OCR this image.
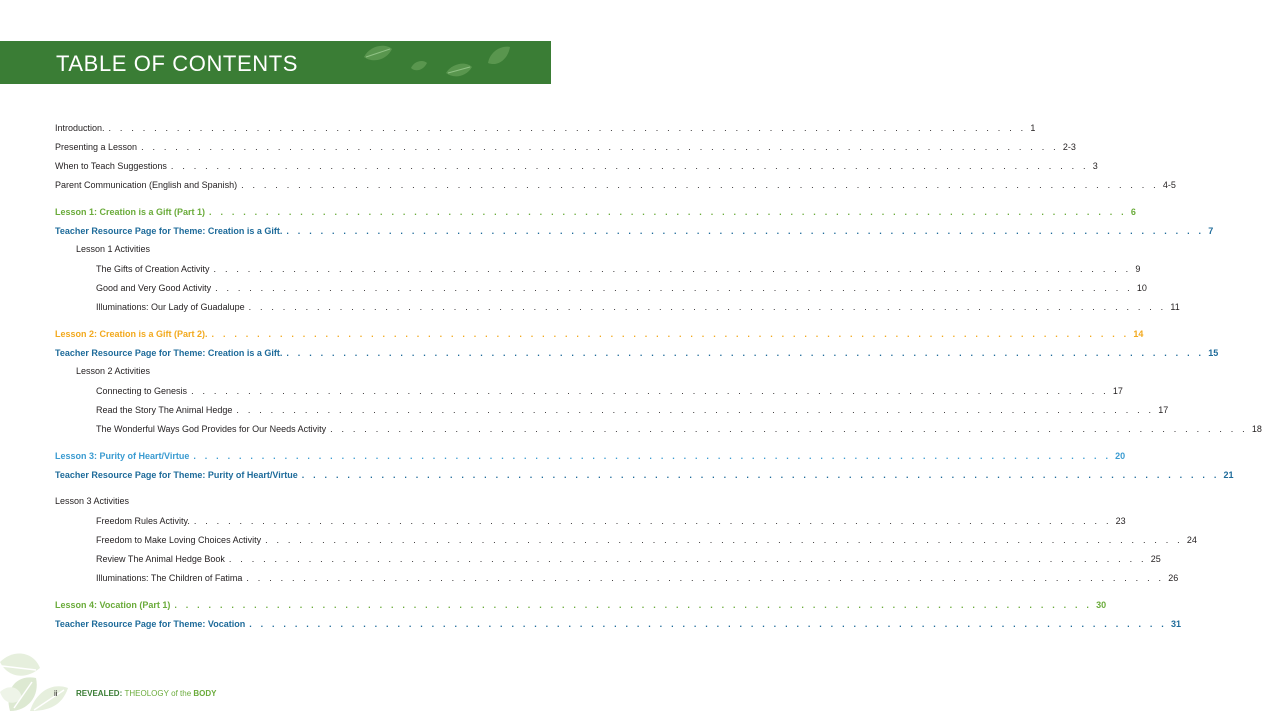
TABLE OF CONTENTS
Introduction. . . . . . . . . . . . . . . . . . . . . . . . . . . . . . . . . . . . . . . . . . . . . . . . . . . . . . . . . . . . . . . . . . . . . . . . . . . . . . . . . . 1
Presenting a Lesson . . . . . . . . . . . . . . . . . . . . . . . . . . . . . . . . . . . . . . . . . . . . . . . . . . . . . . . . . . . . . . . . . . . . . . . . . . . . . . . . . 2-3
When to Teach Suggestions . . . . . . . . . . . . . . . . . . . . . . . . . . . . . . . . . . . . . . . . . . . . . . . . . . . . . . . . . . . . . . . . . . . . . . . . . . . . . . . . . 3
Parent Communication (English and Spanish) . . . . . . . . . . . . . . . . . . . . . . . . . . . . . . . . . . . . . . . . . . . . . . . . . . . . . . . . . . . . . . . . . . . . . . . . . . . . . . . . . 4-5
Lesson 1: Creation is a Gift (Part 1) . . . . . . . . . . . . . . . . . . . . . . . . . . . . . . . . . . . . . . . . . . . . . . . . . . . . . . . . . . . . . . . . . . . . . . . . . . . . . . . . . 6
Teacher Resource Page for Theme: Creation is a Gift. . . . . . . . . . . . . . . . . . . . . . . . . . . . . . . . . . . . . . . . . . . . . . . . . . . . . . . . . . . . . . . . . . . . . . . . . . . . . . . . . . 7
Lesson 1 Activities
The Gifts of Creation Activity . . . . . . . . . . . . . . . . . . . . . . . . . . . . . . . . . . . . . . . . . . . . . . . . . . . . . . . . . . . . . . . . . . . . . . . . . . . . . . . . . 9
Good and Very Good Activity . . . . . . . . . . . . . . . . . . . . . . . . . . . . . . . . . . . . . . . . . . . . . . . . . . . . . . . . . . . . . . . . . . . . . . . . . . . . . . . . . 10
Illuminations: Our Lady of Guadalupe . . . . . . . . . . . . . . . . . . . . . . . . . . . . . . . . . . . . . . . . . . . . . . . . . . . . . . . . . . . . . . . . . . . . . . . . . . . . . . . . . 11
Lesson 2: Creation is a Gift (Part 2). . . . . . . . . . . . . . . . . . . . . . . . . . . . . . . . . . . . . . . . . . . . . . . . . . . . . . . . . . . . . . . . . . . . . . . . . . . . . . . . . . 14
Teacher Resource Page for Theme: Creation is a Gift. . . . . . . . . . . . . . . . . . . . . . . . . . . . . . . . . . . . . . . . . . . . . . . . . . . . . . . . . . . . . . . . . . . . . . . . . . . . . . . . . . 15
Lesson 2 Activities
Connecting to Genesis . . . . . . . . . . . . . . . . . . . . . . . . . . . . . . . . . . . . . . . . . . . . . . . . . . . . . . . . . . . . . . . . . . . . . . . . . . . . . . . . . 17
Read the Story The Animal Hedge . . . . . . . . . . . . . . . . . . . . . . . . . . . . . . . . . . . . . . . . . . . . . . . . . . . . . . . . . . . . . . . . . . . . . . . . . . . . . . . . . 17
The Wonderful Ways God Provides for Our Needs Activity . . . . . . . . . . . . . . . . . . . . . . . . . . . . . . . . . . . . . . . . . . . . . . . . . . . . . . . . . . . . . . . . . . . . . . . . . . . . . . . . . 18
Lesson 3: Purity of Heart/Virtue . . . . . . . . . . . . . . . . . . . . . . . . . . . . . . . . . . . . . . . . . . . . . . . . . . . . . . . . . . . . . . . . . . . . . . . . . . . . . . . . . 20
Teacher Resource Page for Theme: Purity of Heart/Virtue . . . . . . . . . . . . . . . . . . . . . . . . . . . . . . . . . . . . . . . . . . . . . . . . . . . . . . . . . . . . . . . . . . . . . . . . . . . . . . . . . 21
Lesson 3 Activities
Freedom Rules Activity. . . . . . . . . . . . . . . . . . . . . . . . . . . . . . . . . . . . . . . . . . . . . . . . . . . . . . . . . . . . . . . . . . . . . . . . . . . . . . . . . . 23
Freedom to Make Loving Choices Activity . . . . . . . . . . . . . . . . . . . . . . . . . . . . . . . . . . . . . . . . . . . . . . . . . . . . . . . . . . . . . . . . . . . . . . . . . . . . . . . . . 24
Review The Animal Hedge Book . . . . . . . . . . . . . . . . . . . . . . . . . . . . . . . . . . . . . . . . . . . . . . . . . . . . . . . . . . . . . . . . . . . . . . . . . . . . . . . . . 25
Illuminations: The Children of Fatima . . . . . . . . . . . . . . . . . . . . . . . . . . . . . . . . . . . . . . . . . . . . . . . . . . . . . . . . . . . . . . . . . . . . . . . . . . . . . . . . . 26
Lesson 4: Vocation (Part 1) . . . . . . . . . . . . . . . . . . . . . . . . . . . . . . . . . . . . . . . . . . . . . . . . . . . . . . . . . . . . . . . . . . . . . . . . . . . . . . . . . 30
Teacher Resource Page for Theme: Vocation . . . . . . . . . . . . . . . . . . . . . . . . . . . . . . . . . . . . . . . . . . . . . . . . . . . . . . . . . . . . . . . . . . . . . . . . . . . . . . . . . 31
ii REVEALED: THEOLOGY of the BODY
